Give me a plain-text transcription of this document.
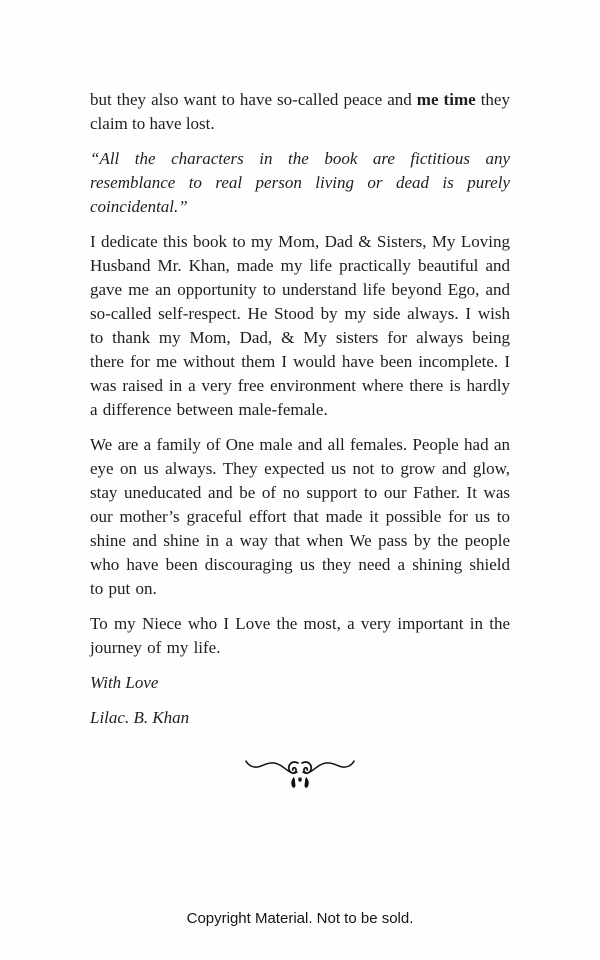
but they also want to have so-called peace and me time they claim to have lost.

“All the characters in the book are fictitious any resemblance to real person living or dead is purely coincidental.”

I dedicate this book to my Mom, Dad & Sisters, My Loving Husband Mr. Khan, made my life practically beautiful and gave me an opportunity to understand life beyond Ego, and so-called self-respect. He Stood by my side always. I wish to thank my Mom, Dad, & My sisters for always being there for me without them I would have been incomplete. I was raised in a very free environment where there is hardly a difference between male-female.

We are a family of One male and all females. People had an eye on us always. They expected us not to grow and glow, stay uneducated and be of no support to our Father. It was our mother’s graceful effort that made it possible for us to shine and shine in a way that when We pass by the people who have been discouraging us they need a shining shield to put on.

To my Niece who I Love the most, a very important in the journey of my life.

With Love

Lilac. B. Khan

Copyright Material. Not to be sold.
